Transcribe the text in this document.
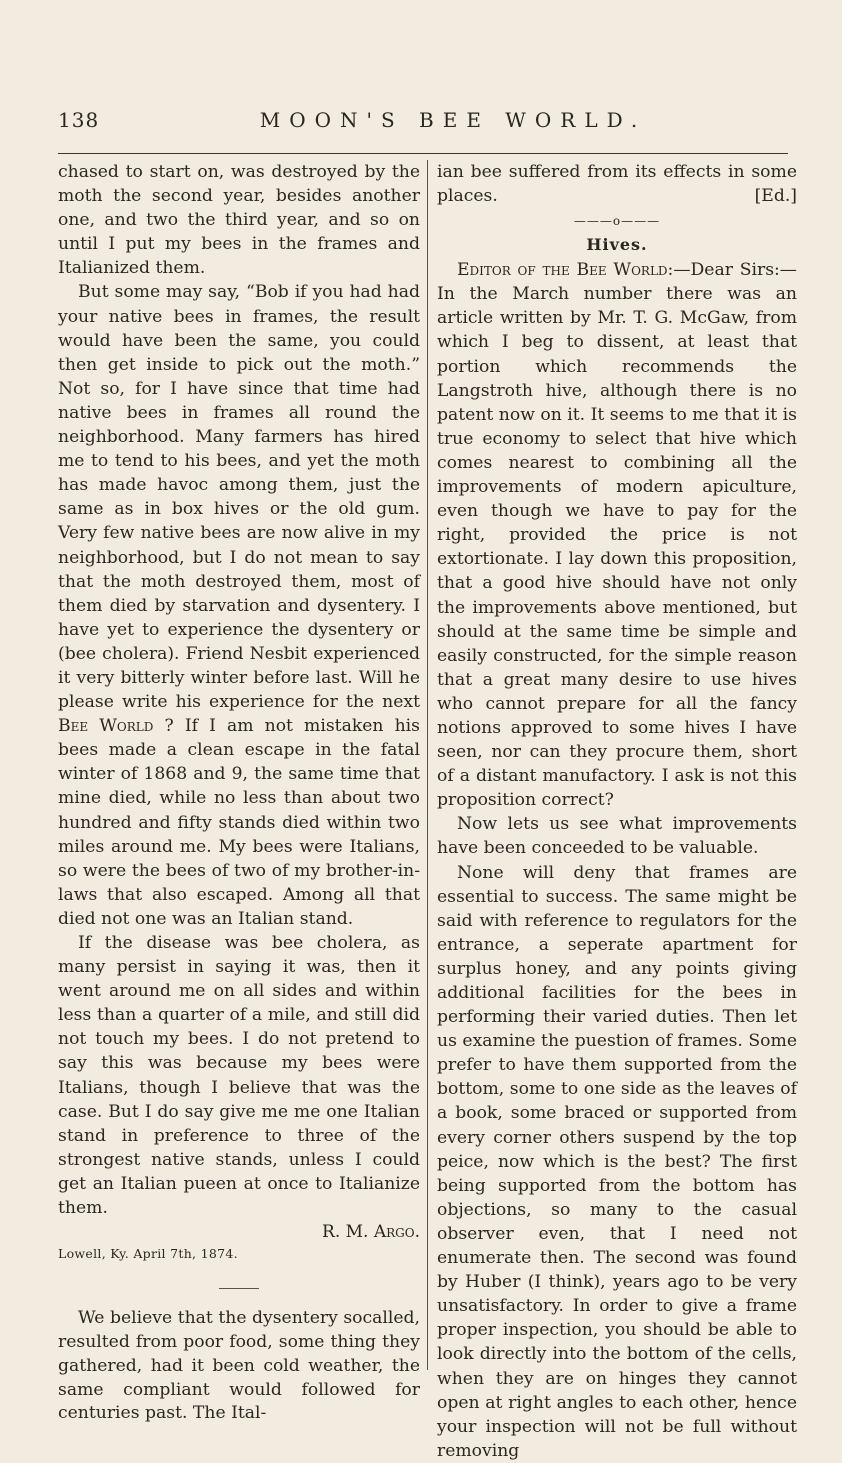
138	MOON'S BEE WORLD.

chased to start on, was destroyed by the moth the second year, besides another one, and two the third year, and so on until I put my bees in the frames and Italianized them.

But some may say, “Bob if you had had your native bees in frames, the result would have been the same, you could then get inside to pick out the moth.” Not so, for I have since that time had native bees in frames all round the neighborhood. Many farmers has hired me to tend to his bees, and yet the moth has made havoc among them, just the same as in box hives or the old gum. Very few native bees are now alive in my neighborhood, but I do not mean to say that the moth destroyed them, most of them died by starvation and dysentery. I have yet to experience the dysentery or (bee cholera). Friend Nesbit experienced it very bitterly winter before last. Will he please write his experience for the next Bee World ? If I am not mistaken his bees made a clean escape in the fatal winter of 1868 and 9, the same time that mine died, while no less than about two hundred and fifty stands died within two miles around me. My bees were Italians, so were the bees of two of my brother-in-laws that also escaped. Among all that died not one was an Italian stand.

If the disease was bee cholera, as many persist in saying it was, then it went around me on all sides and within less than a quarter of a mile, and still did not touch my bees. I do not pretend to say this was because my bees were Italians, though I believe that was the case. But I do say give me me one Italian stand in preference to three of the strongest native stands, unless I could get an Italian pueen at once to Italianize them.

R. M. Argo.

Lowell, Ky. April 7th, 1874.

We believe that the dysentery socalled, resulted from poor food, some thing they gathered, had it been cold weather, the same compliant would followed for centuries past. The Ital-

ian bee suffered from its effects in some places.	[Ed.]

———o———
Hives.

Editor of the Bee World:—Dear Sirs:—In the March number there was an article written by Mr. T. G. McGaw, from which I beg to dissent, at least that portion which recommends the Langstroth hive, although there is no patent now on it. It seems to me that it is true economy to select that hive which comes nearest to combining all the improvements of modern apiculture, even though we have to pay for the right, provided the price is not extortionate. I lay down this proposition, that a good hive should have not only the improvements above mentioned, but should at the same time be simple and easily constructed, for the simple reason that a great many desire to use hives who cannot prepare for all the fancy notions approved to some hives I have seen, nor can they procure them, short of a distant manufactory. I ask is not this proposition correct?

Now lets us see what improvements have been conceeded to be valuable.

None will deny that frames are essential to success. The same might be said with reference to regulators for the entrance, a seperate apartment for surplus honey, and any points giving additional facilities for the bees in performing their varied duties. Then let us examine the puestion of frames. Some prefer to have them supported from the bottom, some to one side as the leaves of a book, some braced or supported from every corner others suspend by the top peice, now which is the best? The first being supported from the bottom has objections, so many to the casual observer even, that I need not enumerate then. The second was found by Huber (I think), years ago to be very unsatisfactory. In order to give a frame proper inspection, you should be able to look directly into the bottom of the cells, when they are on hinges they cannot open at right angles to each other, hence your inspection will not be full without removing
